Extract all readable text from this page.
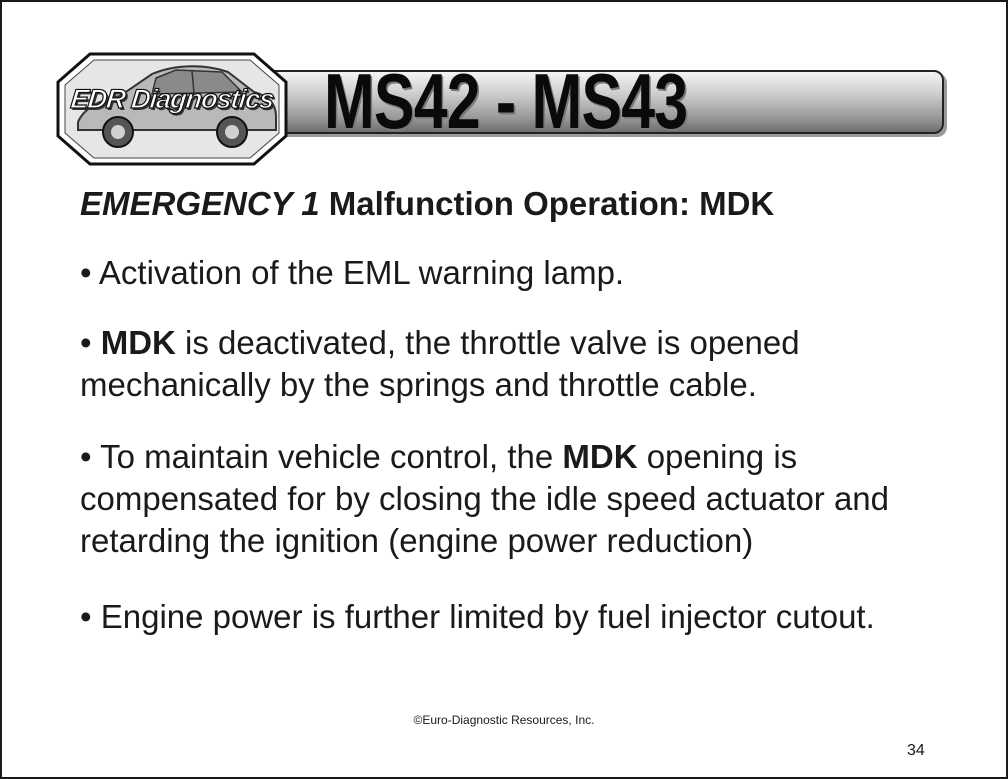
EDR Diagnostics MS42 - MS43

EMERGENCY 1 Malfunction Operation: MDK

• Activation of the EML warning lamp.

• MDK is deactivated, the throttle valve is opened mechanically by the springs and throttle cable.

• To maintain vehicle control, the MDK opening is compensated for by closing the idle speed actuator and retarding the ignition (engine power reduction)

• Engine power is further limited by fuel injector cutout.

©Euro-Diagnostic Resources, Inc.
34
